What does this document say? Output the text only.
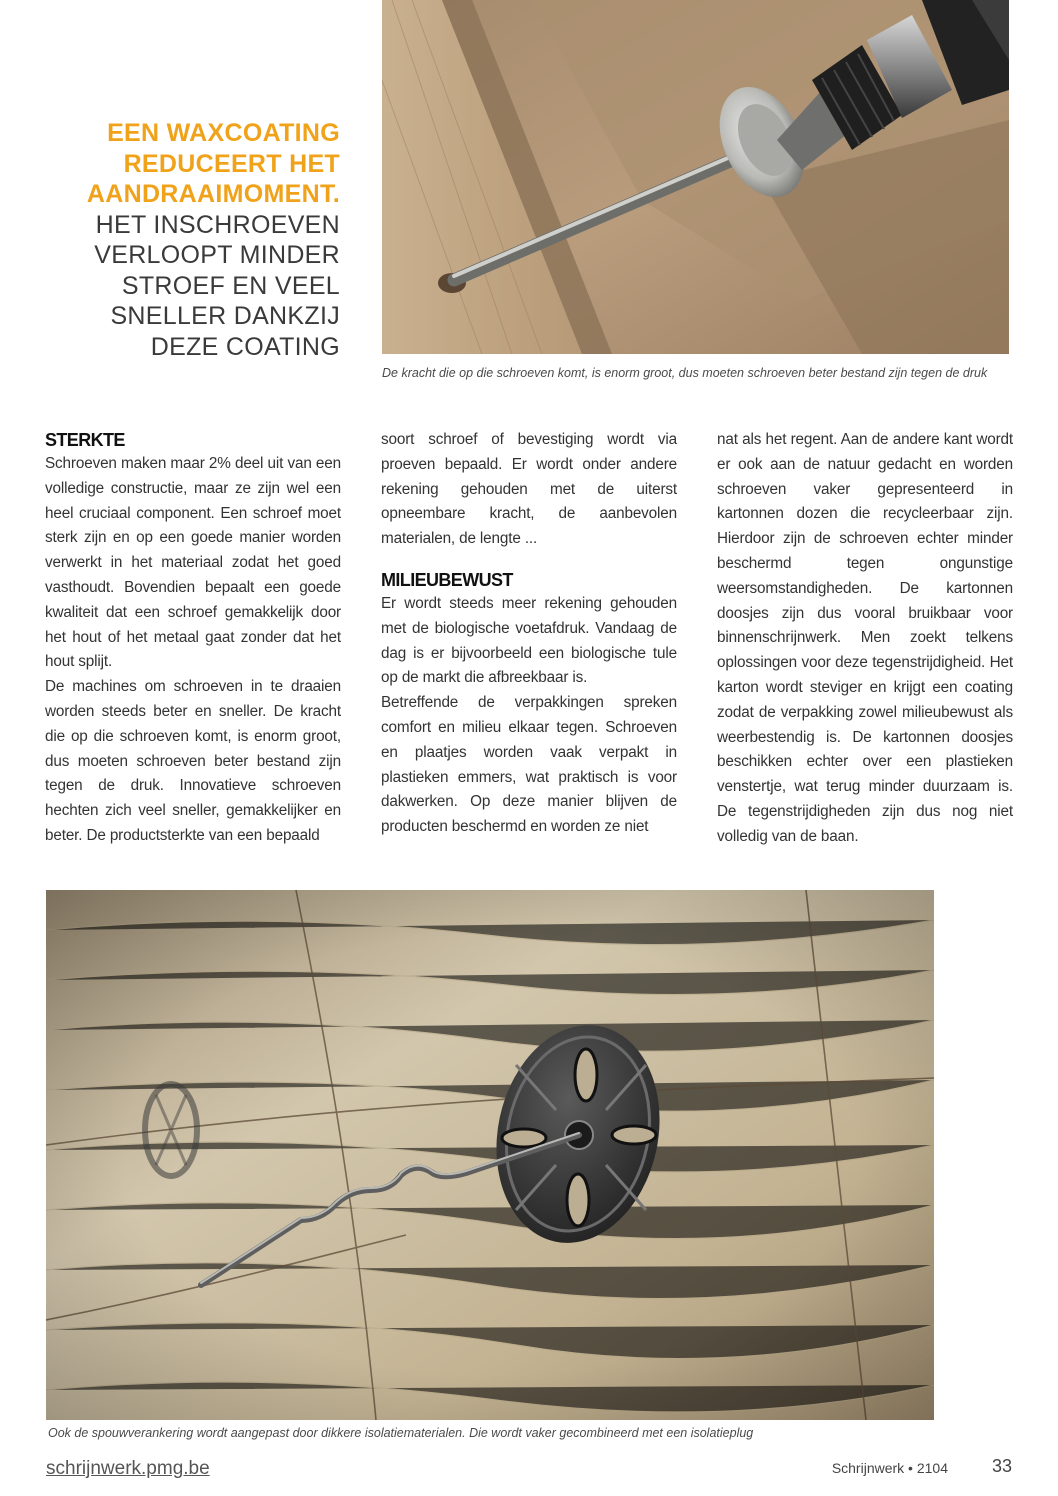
EEN WAXCOATING REDUCEERT HET AANDRAAIMOMENT.
HET INSCHROEVEN VERLOOPT MINDER STROEF EN VEEL SNELLER DANKZIJ DEZE COATING
De kracht die op die schroeven komt, is enorm groot, dus moeten schroeven beter bestand zijn tegen de druk
STERKTE

Schroeven maken maar 2% deel uit van een volledige constructie, maar ze zijn wel een heel cruciaal component. Een schroef moet sterk zijn en op een goede manier worden verwerkt in het materiaal zodat het goed vasthoudt. Bovendien bepaalt een goede kwaliteit dat een schroef gemakkelijk door het hout of het metaal gaat zonder dat het hout splijt.

De machines om schroeven in te draaien worden steeds beter en sneller. De kracht die op die schroeven komt, is enorm groot, dus moeten schroeven beter bestand zijn tegen de druk. Innovatieve schroeven hechten zich veel sneller, gemakkelijker en beter. De productsterkte van een bepaald

soort schroef of bevestiging wordt via proeven bepaald. Er wordt onder andere rekening gehouden met de uiterst opneembare kracht, de aanbevolen materialen, de lengte ...

MILIEUBEWUST

Er wordt steeds meer rekening gehouden met de biologische voetafdruk. Vandaag de dag is er bijvoorbeeld een biologische tule op de markt die afbreekbaar is.

Betreffende de verpakkingen spreken comfort en milieu elkaar tegen. Schroeven en plaatjes worden vaak verpakt in plastieken emmers, wat praktisch is voor dakwerken. Op deze manier blijven de producten beschermd en worden ze niet

nat als het regent. Aan de andere kant wordt er ook aan de natuur gedacht en worden schroeven vaker gepresenteerd in kartonnen dozen die recycleerbaar zijn. Hierdoor zijn de schroeven echter minder beschermd tegen ongunstige weersomstandigheden. De kartonnen doosjes zijn dus vooral bruikbaar voor binnenschrijnwerk. Men zoekt telkens oplossingen voor deze tegenstrijdigheid. Het karton wordt steviger en krijgt een coating zodat de verpakking zowel milieubewust als weerbestendig is. De kartonnen doosjes beschikken echter over een plastieken venstertje, wat terug minder duurzaam is. De tegenstrijdigheden zijn dus nog niet volledig van de baan.

Ook de spouwverankering wordt aangepast door dikkere isolatiematerialen. Die wordt vaker gecombineerd met een isolatieplug
schrijnwerk.pmg.be	Schrijnwerk • 2104 33
